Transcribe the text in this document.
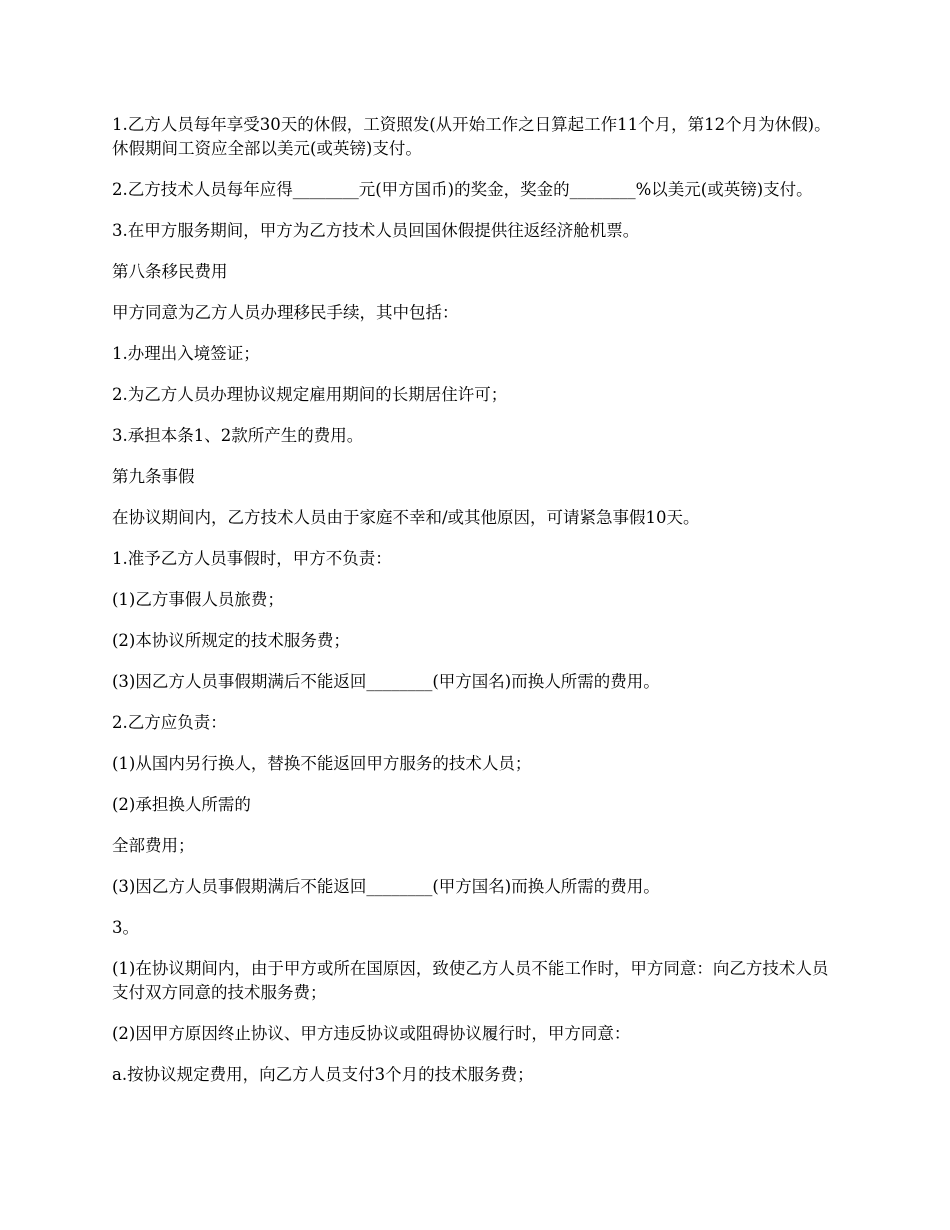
1.乙方人员每年享受30天的休假，工资照发(从开始工作之日算起工作11个月，第12个月为休假)。休假期间工资应全部以美元(或英镑)支付。

2.乙方技术人员每年应得________元(甲方国币)的奖金，奖金的________%以美元(或英镑)支付。

3.在甲方服务期间，甲方为乙方技术人员回国休假提供往返经济舱机票。

第八条移民费用

甲方同意为乙方人员办理移民手续，其中包括：

1.办理出入境签证；

2.为乙方人员办理协议规定雇用期间的长期居住许可；

3.承担本条1、2款所产生的费用。

第九条事假

在协议期间内，乙方技术人员由于家庭不幸和/或其他原因，可请紧急事假10天。

1.准予乙方人员事假时，甲方不负责：

(1)乙方事假人员旅费；

(2)本协议所规定的技术服务费；

(3)因乙方人员事假期满后不能返回________(甲方国名)而换人所需的费用。

2.乙方应负责：

(1)从国内另行换人，替换不能返回甲方服务的技术人员；

(2)承担换人所需的

全部费用；

(3)因乙方人员事假期满后不能返回________(甲方国名)而换人所需的费用。

3。

(1)在协议期间内，由于甲方或所在国原因，致使乙方人员不能工作时，甲方同意：向乙方技术人员支付双方同意的技术服务费；

(2)因甲方原因终止协议、甲方违反协议或阻碍协议履行时，甲方同意：

a.按协议规定费用，向乙方人员支付3个月的技术服务费；
